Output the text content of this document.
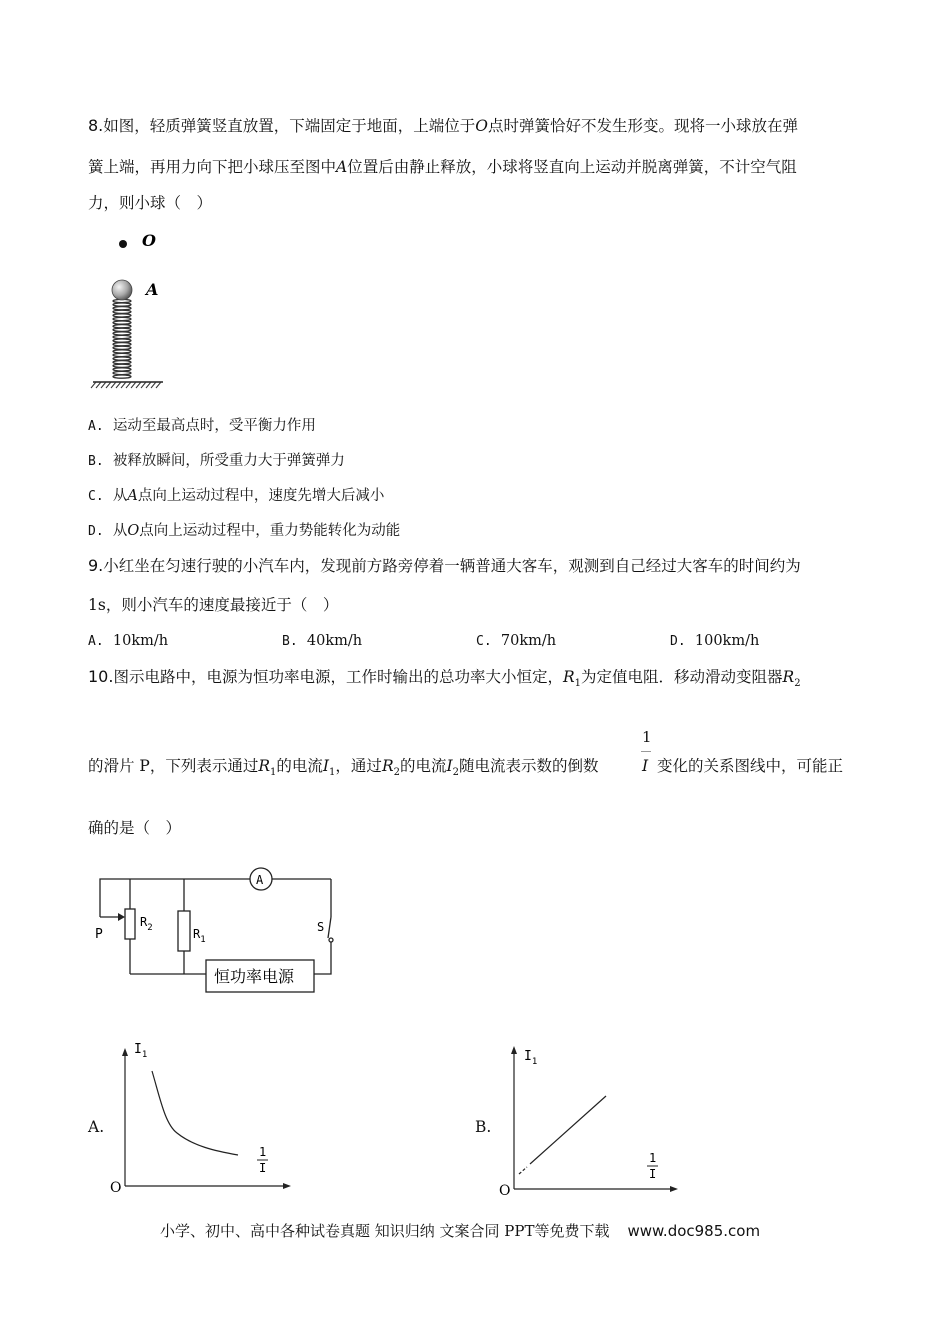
8.如图，轻质弹簧竖直放置，下端固定于地面，上端位于O点时弹簧恰好不发生形变。现将一小球放在弹
簧上端，再用力向下把小球压至图中A位置后由静止释放，小球将竖直向上运动并脱离弹簧，不计空气阻
力，则小球（　）
O
A
A. 运动至最高点时，受平衡力作用
B. 被释放瞬间，所受重力大于弹簧弹力
C. 从A点向上运动过程中，速度先增大后减小
D. 从O点向上运动过程中，重力势能转化为动能
9.小红坐在匀速行驶的小汽车内，发现前方路旁停着一辆普通大客车，观测到自己经过大客车的时间约为
1s，则小汽车的速度最接近于（　）
A. 10km/h	B. 40km/h	C. 70km/h	D. 100km/h
10.图示电路中，电源为恒功率电源，工作时输出的总功率大小恒定，$R_1$为定值电阻．移动滑动变阻器$R_2$
1
的滑片 P，下列表示通过$R_1$的电流$I_1$，通过$R_2$的电流$I_2$随电流表示数的倒数	I 变化的关系图线中，可能正
确的是（　）
A
P
$R_2$	$R_1$
S
恒功率电源
A.
$I_1$
1
I
O
B.
$I_1$
1
I
O
小学、初中、高中各种试卷真题 知识归纳 文案合同 PPT等免费下载 www.doc985.com
